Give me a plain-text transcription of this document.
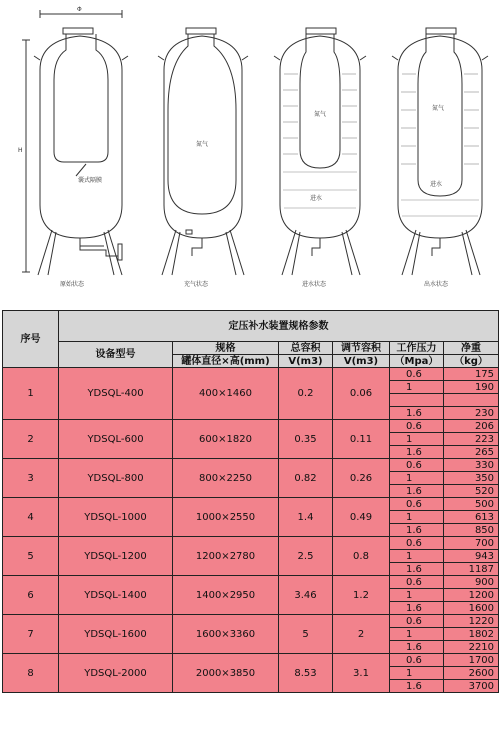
Φ
H
囊式隔膜
氮气
氮气
进水
氮气
进水
原始状态	充气状态	进水状态	出水状态
序号	定压补水装置规格参数					
	设备型号	规格	总容积	调节容积	工作压力	净重
		罐体直径×高(mm)	V(m3)	V(m3)	（Mpa）	（kg）
1	YDSQL-400	400×1460	0.2	0.06	0.6	175
					1	190

					1.6	230
2	YDSQL-600	600×1820	0.35	0.11	0.6	206
					1	223
					1.6	265
3	YDSQL-800	800×2250	0.82	0.26	0.6	330
					1	350
					1.6	520
4	YDSQL-1000	1000×2550	1.4	0.49	0.6	500
					1	613
					1.6	850
5	YDSQL-1200	1200×2780	2.5	0.8	0.6	700
					1	943
					1.6	1187
6	YDSQL-1400	1400×2950	3.46	1.2	0.6	900
					1	1200
					1.6	1600
7	YDSQL-1600	1600×3360	5	2	0.6	1220
					1	1802
					1.6	2210
8	YDSQL-2000	2000×3850	8.53	3.1	0.6	1700
					1	2600
					1.6	3700
